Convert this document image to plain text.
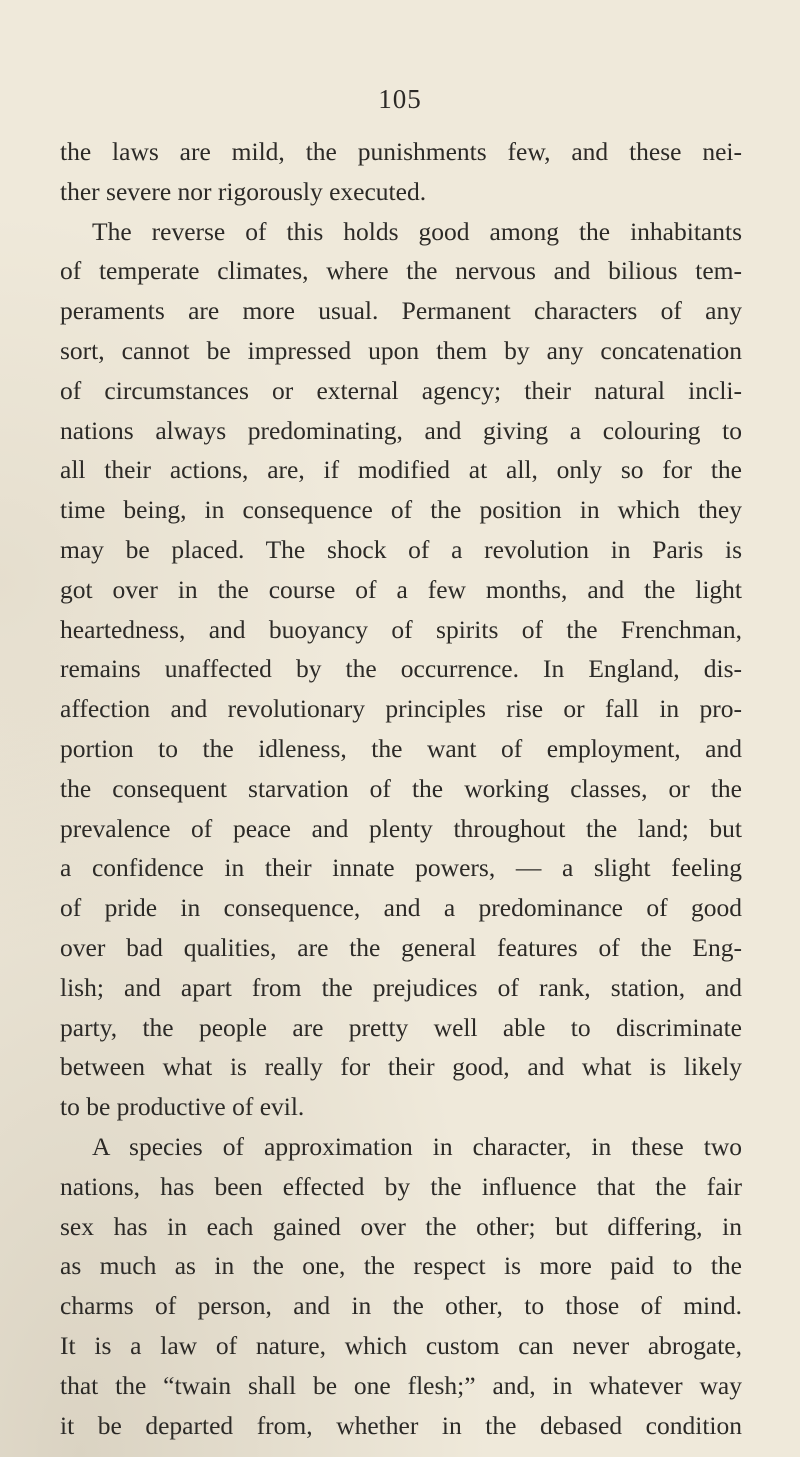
105
the laws are mild, the punishments few, and these nei-
ther severe nor rigorously executed.
The reverse of this holds good among the inhabitants
of temperate climates, where the nervous and bilious tem-
peraments are more usual. Permanent characters of any
sort, cannot be impressed upon them by any concatenation
of circumstances or external agency; their natural incli-
nations always predominating, and giving a colouring to
all their actions, are, if modified at all, only so for the
time being, in consequence of the position in which they
may be placed. The shock of a revolution in Paris is
got over in the course of a few months, and the light
heartedness, and buoyancy of spirits of the Frenchman,
remains unaffected by the occurrence. In England, dis-
affection and revolutionary principles rise or fall in pro-
portion to the idleness, the want of employment, and
the consequent starvation of the working classes, or the
prevalence of peace and plenty throughout the land; but
a confidence in their innate powers, — a slight feeling
of pride in consequence, and a predominance of good
over bad qualities, are the general features of the Eng-
lish; and apart from the prejudices of rank, station, and
party, the people are pretty well able to discriminate
between what is really for their good, and what is likely
to be productive of evil.
A species of approximation in character, in these two
nations, has been effected by the influence that the fair
sex has in each gained over the other; but differing, in
as much as in the one, the respect is more paid to the
charms of person, and in the other, to those of mind.
It is a law of nature, which custom can never abrogate,
that the “twain shall be one flesh;” and, in whatever way
it be departed from, whether in the debased condition
